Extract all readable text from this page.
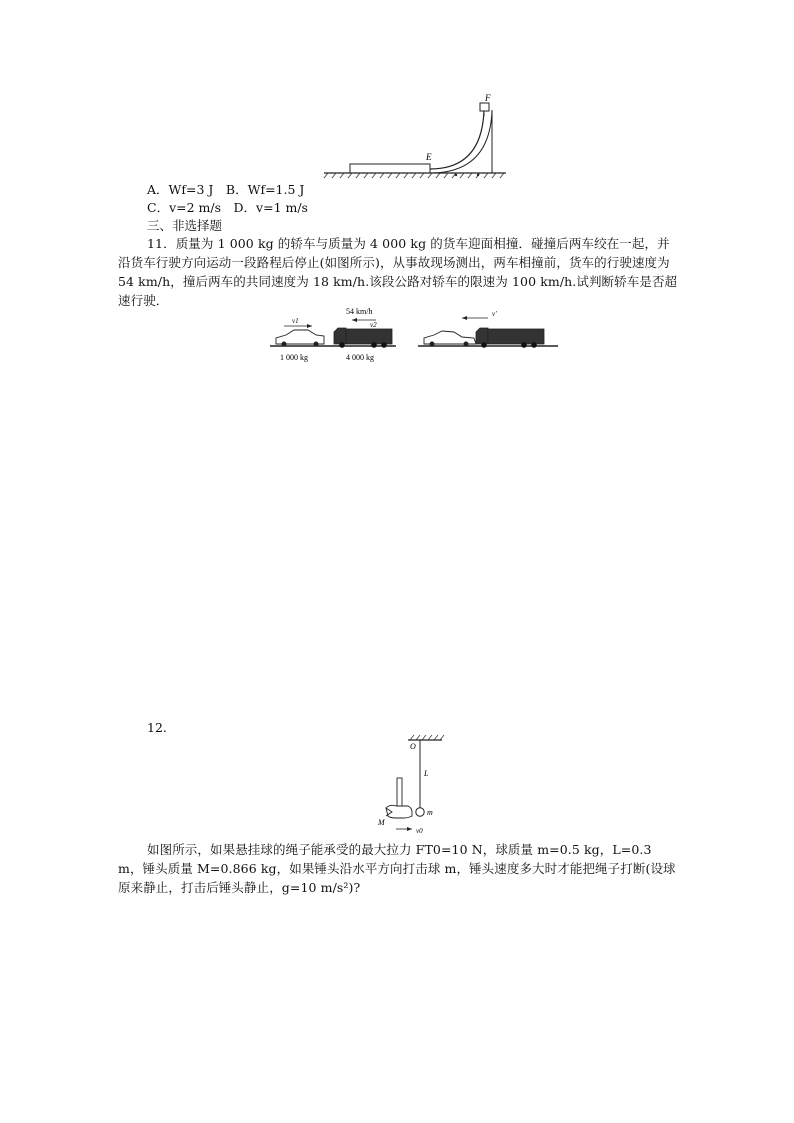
F
E
A．Wf=3 J　B．Wf=1.5 J
C．v=2 m/s　D．v=1 m/s
三、非选择题
11．质量为 1 000 kg 的轿车与质量为 4 000 kg 的货车迎面相撞．碰撞后两车绞在一起，并沿货车行驶方向运动一段路程后停止(如图所示)，从事故现场测出，两车相撞前，货车的行驶速度为 54 km/h，撞后两车的共同速度为 18 km/h.该段公路对轿车的限速为 100 km/h.试判断轿车是否超速行驶．
v1
54 km/h
v2
1 000 kg	4 000 kg
v′
12.
O
L
m
M
v0
如图所示，如果悬挂球的绳子能承受的最大拉力 FT0=10 N，球质量 m=0.5 kg，L=0.3 m，锤头质量 M=0.866 kg，如果锤头沿水平方向打击球 m，锤头速度多大时才能把绳子打断(设球原来静止，打击后锤头静止，g=10 m/s²)?
